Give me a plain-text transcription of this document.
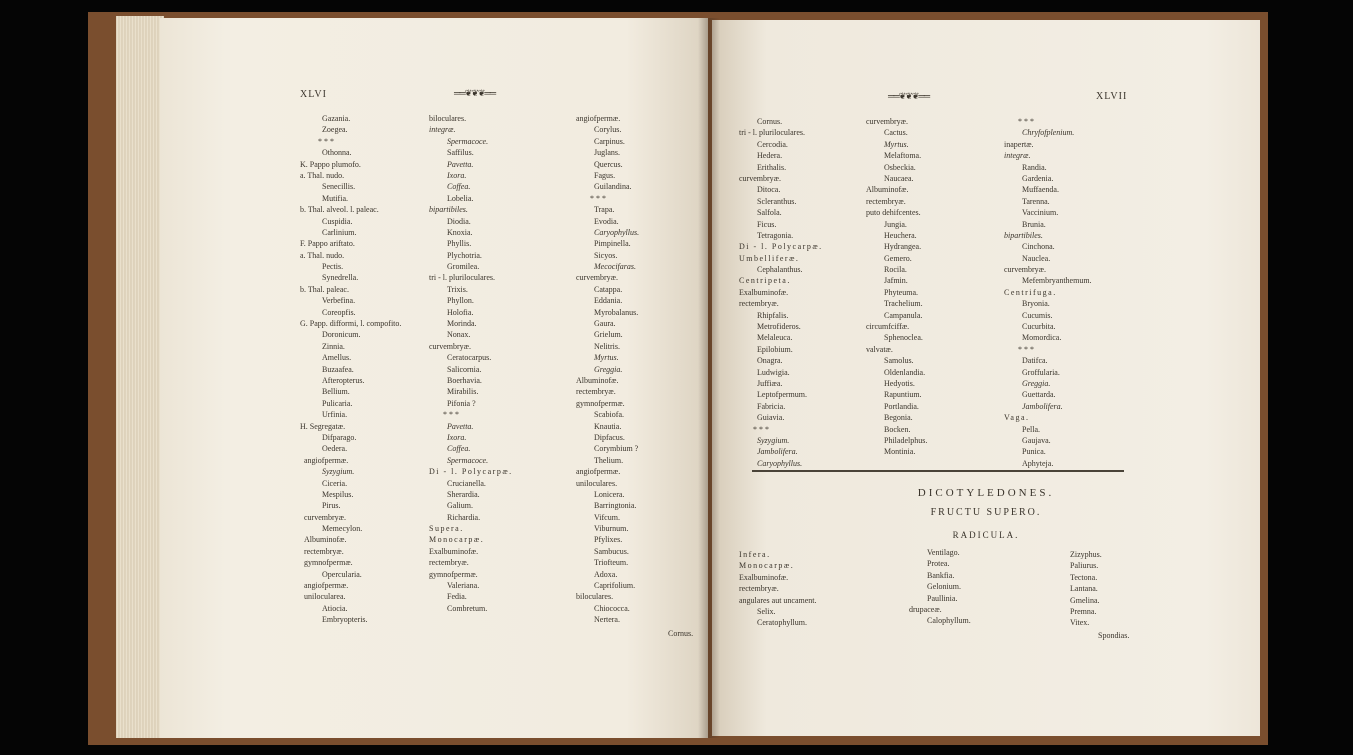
XLVI	══❦❦❦══
Gazania.
Zoegea.
* * *
Othonna.
K. Pappo plumofo.
a. Thal. nudo.
Senecillis.
Mutifia.
b. Thal. alveol. l. paleac.
Cuspidia.
Carlinium.
F. Pappo ariftato.
a. Thal. nudo.
Pectis.
Synedrella.
b. Thal. paleac.
Verbefina.
Coreopfis.
G. Papp. difformi, l. compofito.
Doronicum.
Zinnia.
Amellus.
Buzaafea.
Afteropterus.
Bellium.
Pulicaria.
Urfinia.
H. Segregatæ.
Difparago.
Oedera.
angiofpermæ.
Syzygium.
Ciceria.
Mespilus.
Pirus.
curvembryæ.
Memecylon.
Albuminofæ.
rectembryæ.
gymnofpermæ.
Opercularia.
angiofpermæ.
unilocularea.
Atiocia.
Embryopteris.
biloculares.
integræ.
Spermacoce.
Saffilus.
Pavetta.
Ixora.
Coffea.
Lobelia.
bipartibiles.
Diodia.
Knoxia.
Phyllis.
Plychotria.
Gromilea.
tri - l. pluriloculares.
Trixis.
Phyllon.
Holofia.
Morinda.
Nonax.
curvembryæ.
Ceratocarpus.
Salicornia.
Boerhavia.
Mirabilis.
Pifonia ?
* * *
Pavetta.
Ixora.
Coffea.
Spermacoce.
Di - l. Polycarpæ.
Crucianella.
Sherardia.
Galium.
Richardia.
Supera.
Monocarpæ.
Exalbuminofæ.
rectembryæ.
gymnofpermæ.
Valeriana.
Fedia.
Combretum.
angiofpermæ.
Corylus.
Carpinus.
Juglans.
Quercus.
Fagus.
Guilandina.
* * *
Trapa.
Evodia.
Caryophyllus.
Pimpinella.
Sicyos.
Mecocifaras.
curvembryæ.
Catappa.
Eddania.
Myrobalanus.
Gaura.
Grielum.
Nelitris.
Myrtus.
Greggia.
Albuminofæ.
rectembryæ.
gymnofpermæ.
Scabiofa.
Knautia.
Dipfacus.
Corymbium ?
Thelium.
angiofpermæ.
uniloculares.
Lonicera.
Barringtonia.
Vifcum.
Viburnum.
Pfylixes.
Sambucus.
Triofteum.
Adoxa.
Caprifolium.
biloculares.
Chiococca.
Nertera.
Cornus.
══❦❦❦══	XLVII
Cornus.
tri - l. pluriloculares.
Cercodia.
Hedera.
Erithalis.
curvembryæ.
Ditoca.
Scleranthus.
Salfola.
Ficus.
Tetragonia.
Di - l. Polycarpæ.
Umbelliferæ.
Cephalanthus.
Centripeta.
Exalbuminofæ.
rectembryæ.
Rhipfalis.
Metrofideros.
Melaleuca.
Epilobium.
Onagra.
Ludwigia.
Juffiæa.
Leptofpermum.
Fabricia.
Guiavia.
* * *
Syzygium.
Jambolifera.
Caryophyllus.
curvembryæ.
Cactus.
Myrtus.
Melaftoma.
Osbeckia.
Naucaea.
Albuminofæ.
rectembryæ.
puto dehifcentes.
Jungia.
Heuchera.
Hydrangea.
Gemero.
Rocila.
Jafmin.
Phyteuma.
Trachelium.
Campanula.
circumfciffæ.
Sphenoclea.
valvatæ.
Samolus.
Oldenlandia.
Hedyotis.
Rapuntium.
Portlandia.
Begonia.
Bocken.
Philadelphus.
Montinia.
* * *
Chryfofplenium.
inapertæ.
integræ.
Randia.
Gardenia.
Muffaenda.
Tarenna.
Vaccinium.
Brunia.
bipartibiles.
Cinchona.
Nauclea.
curvembryæ.
Mefembryanthemum.
Centrifuga.
Bryonia.
Cucumis.
Cucurbita.
Momordica.
* * *
Datifca.
Groffularia.
Greggia.
Guettarda.
Jambolifera.
Vaga.
Pella.
Gaujava.
Punica.
Aphyteja.
DICOTYLEDONES.
FRUCTU SUPERO.
RADICULA.
Infera.
Monocarpæ.
Exalbuminofæ.
rectembryæ.
angulares aut uncament.
Selix.
Ceratophyllum.
Ventilago.
Protea.
Bankfia.
Gelonium.
Paullinia.
drupaceæ.
Calophyllum.
Zizyphus.
Paliurus.
Tectona.
Lantana.
Gmelina.
Premna.
Vitex.
Spondias.
